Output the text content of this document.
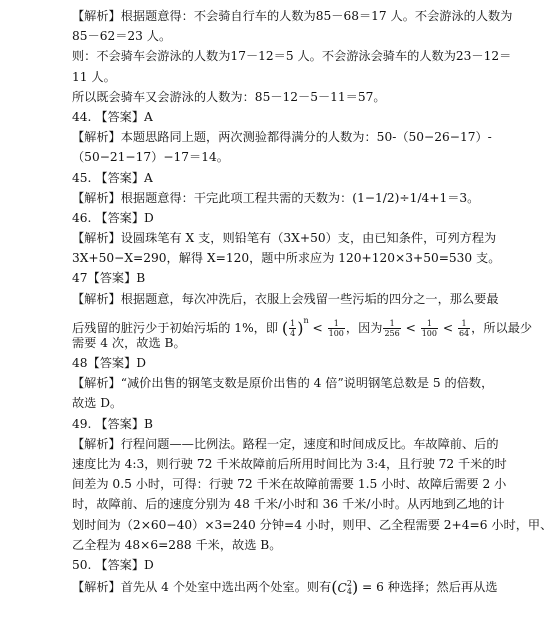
【解析】根据题意得：不会骑自行车的人数为85－68＝17 人。不会游泳的人数为
85－62＝23 人。
则：不会骑车会游泳的人数为17－12＝5 人。不会游泳会骑车的人数为23－12＝
11 人。
所以既会骑车又会游泳的人数为：85－12－5－11＝57。
44. 【答案】A
【解析】本题思路同上题，两次测验都得满分的人数为：50-（50−26−17）-
（50−21−17）−17＝14。
45. 【答案】A
【解析】根据题意得：干完此项工程共需的天数为：(1−1/2)÷1/4+1＝3。
46. 【答案】D
【解析】设圆珠笔有 X 支，则铅笔有（3X+50）支，由已知条件，可列方程为
3X+50−X=290，解得 X=120，题中所求应为 120+120×3+50=530 支。
47【答案】B
【解析】根据题意，每次冲洗后，衣服上会残留一些污垢的四分之一，那么要最
后残留的脏污少于初始污垢的 1%，即 ( $\frac{1}{4} )^n < \frac{1}{100}$ ，因为 $\frac{1}{256} < \frac{1}{100} < \frac{1}{64}$ ，所以最少
需要 4 次，故选 B。
48【答案】D
【解析】“减价出售的钢笔支数是原价出售的 4 倍”说明钢笔总数是 5 的倍数，
故选 D。
49. 【答案】B
【解析】行程问题——比例法。路程一定，速度和时间成反比。车故障前、后的
速度比为 4:3，则行驶 72 千米故障前后所用时间比为 3:4，且行驶 72 千米的时
间差为 0.5 小时，可得：行驶 72 千米在故障前需要 1.5 小时、故障后需要 2 小
时，故障前、后的速度分别为 48 千米/小时和 36 千米/小时。从丙地到乙地的计
划时间为（2×60−40）×3=240 分钟=4 小时，则甲、乙全程需要 2+4=6 小时，甲、
乙全程为 48×6=288 千米，故选 B。
50. 【答案】D
【解析】首先从 4 个处室中选出两个处室。则有(C 2
4 ) = 6 种选择；然后再从选
